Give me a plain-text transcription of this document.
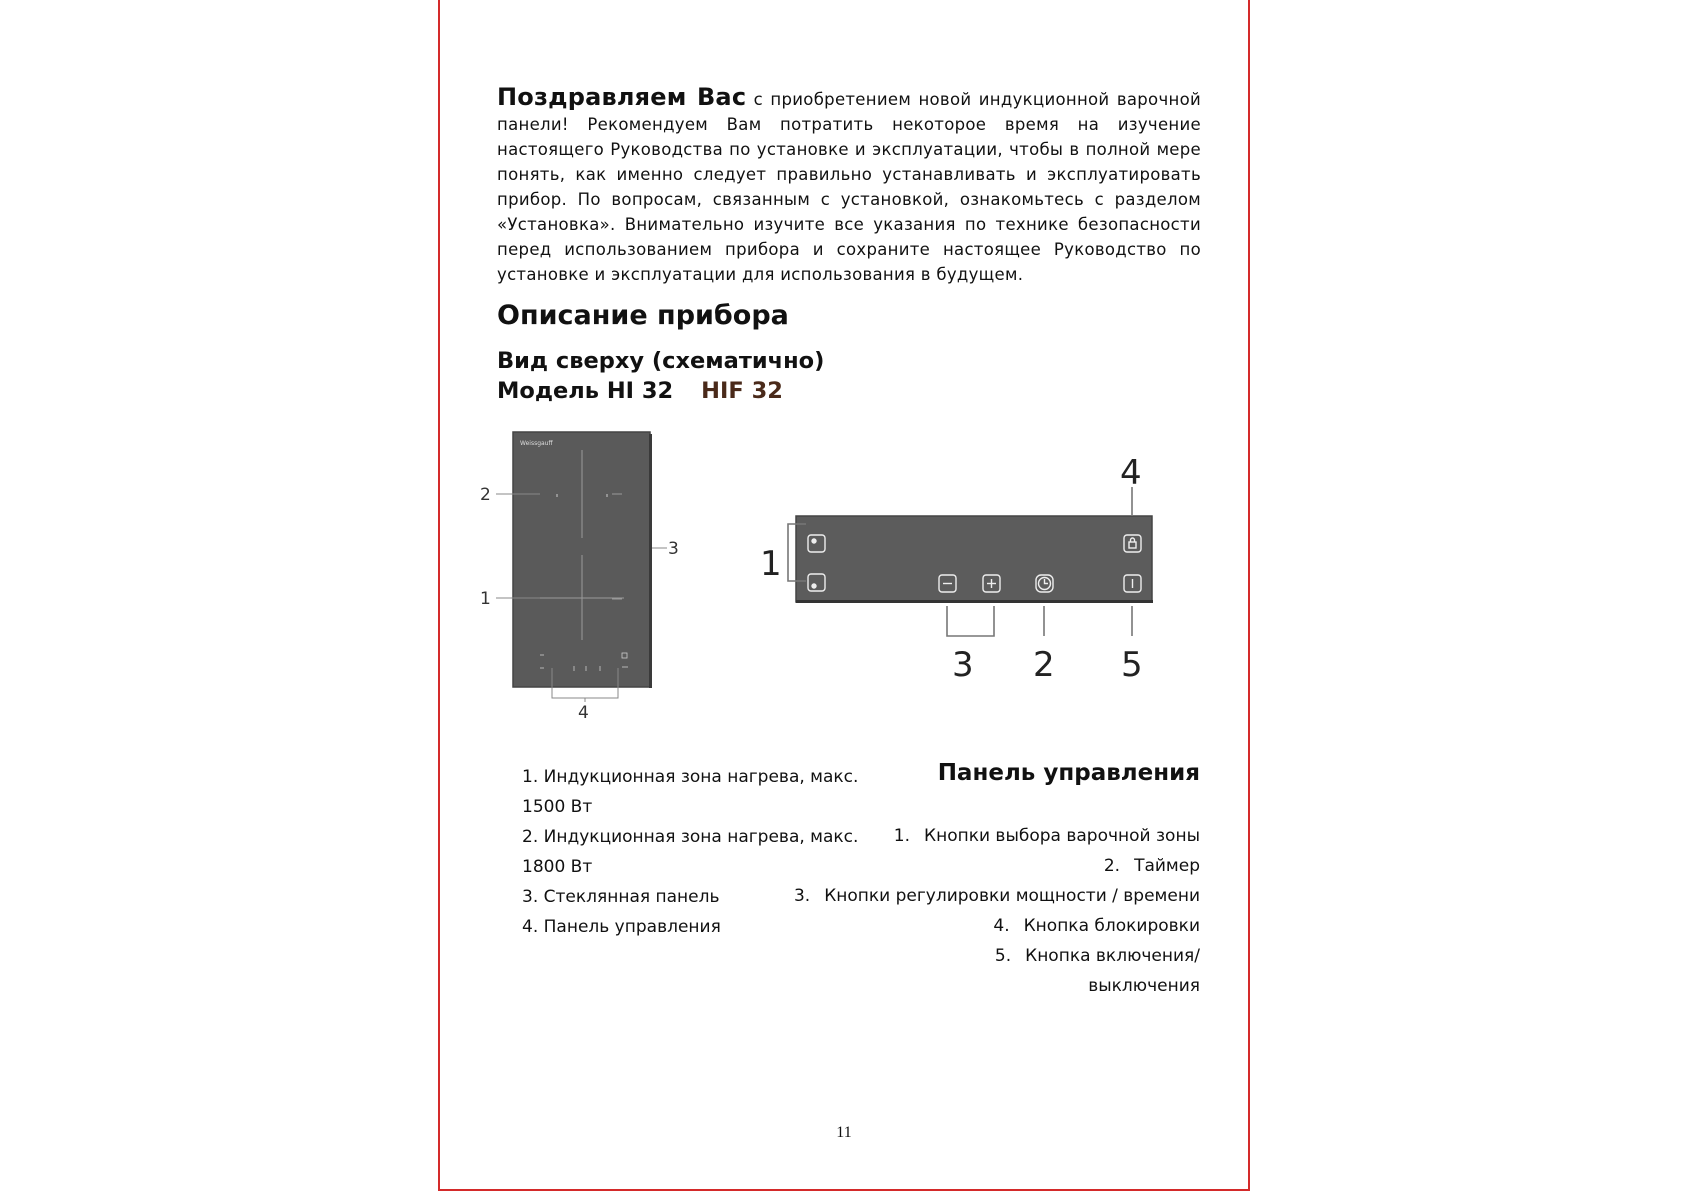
Поздравляем Вас с приобретением новой индукционной варочной панели! Рекомендуем Вам потратить некоторое время на изучение настоящего Руководства по установке и эксплуатации, чтобы в полной мере понять, как именно следует правильно устанавливать и эксплуатировать прибор. По вопросам, связанным с установкой, ознакомьтесь с разделом «Установка». Внимательно изучите все указания по технике безопасности перед использованием прибора и сохраните настоящее Руководство по установке и эксплуатации для использования в будущем.
Описание прибора
Вид сверху (схематично)
Модель HI 32 HIF 32
Weissgauff
2
3
1
4
4
1
3 2 5
1. Индукционная зона нагрева, макс.
1500 Вт
2. Индукционная зона нагрева, макс.
1800 Вт
3. Стеклянная панель
4. Панель управления
Панель управления
1. Кнопки выбора варочной зоны
2. Таймер
3. Кнопки регулировки мощности / времени
4. Кнопка блокировки
5. Кнопка включения/
выключения
11
